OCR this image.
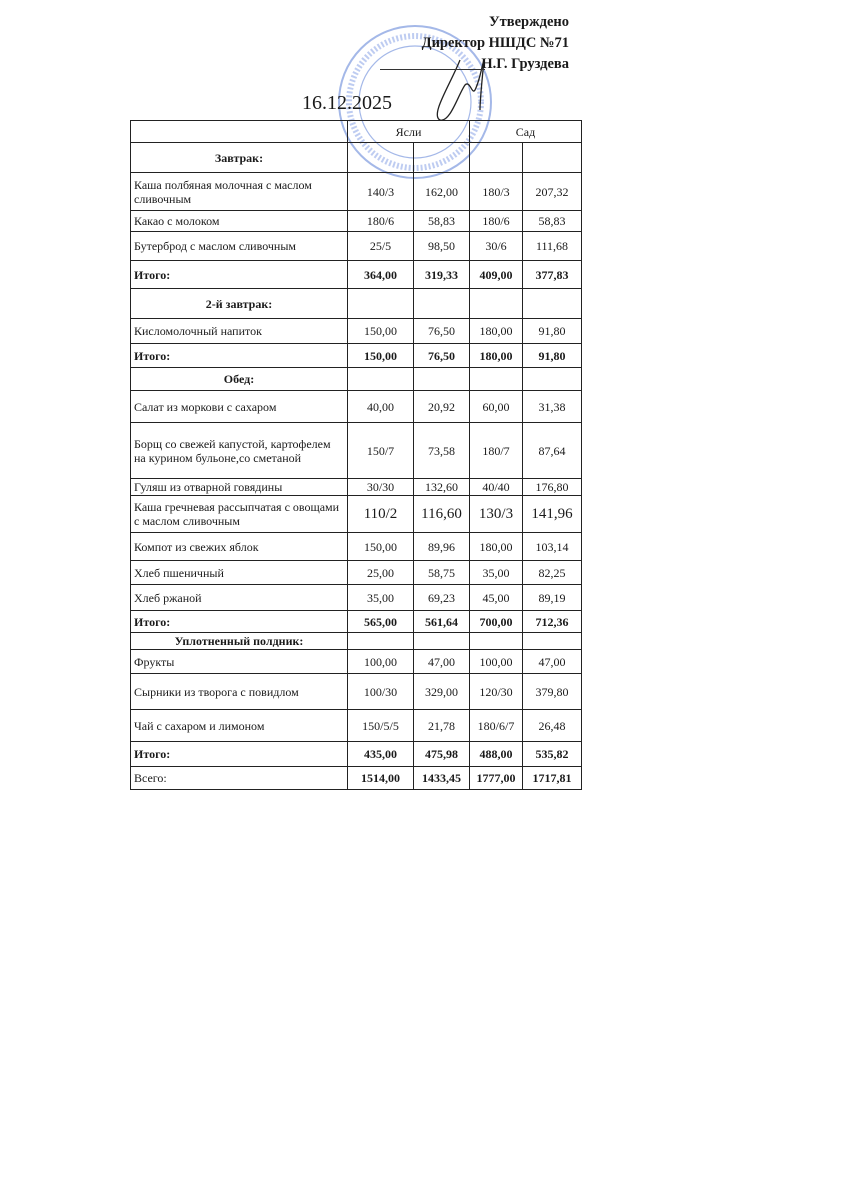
Утверждено
Директор НШДС №71
Н.Г. Груздева
16.12.2025
	Ясли		Сад	
Завтрак:				
Каша полбяная молочная с маслом сливочным	140/3	162,00	180/3	207,32
Какао с молоком	180/6	58,83	180/6	58,83
Бутерброд с маслом сливочным	25/5	98,50	30/6	111,68
Итого:	364,00	319,33	409,00	377,83
2-й завтрак:				
Кисломолочный напиток	150,00	76,50	180,00	91,80
Итого:	150,00	76,50	180,00	91,80
Обед:				
Салат из моркови с сахаром	40,00	20,92	60,00	31,38
Борщ со свежей капустой, картофелем на курином бульоне,со сметаной	150/7	73,58	180/7	87,64
Гуляш из отварной говядины	30/30	132,60	40/40	176,80
Каша гречневая рассыпчатая с овощами с маслом сливочным	110/2	116,60	130/3	141,96
Компот из свежих яблок	150,00	89,96	180,00	103,14
Хлеб пшеничный	25,00	58,75	35,00	82,25
Хлеб ржаной	35,00	69,23	45,00	89,19
Итого:	565,00	561,64	700,00	712,36
Уплотненный полдник:				
Фрукты	100,00	47,00	100,00	47,00
Сырники из творога с повидлом	100/30	329,00	120/30	379,80
Чай с сахаром и лимоном	150/5/5	21,78	180/6/7	26,48
Итого:	435,00	475,98	488,00	535,82
Всего:	1514,00	1433,45	1777,00	1717,81
